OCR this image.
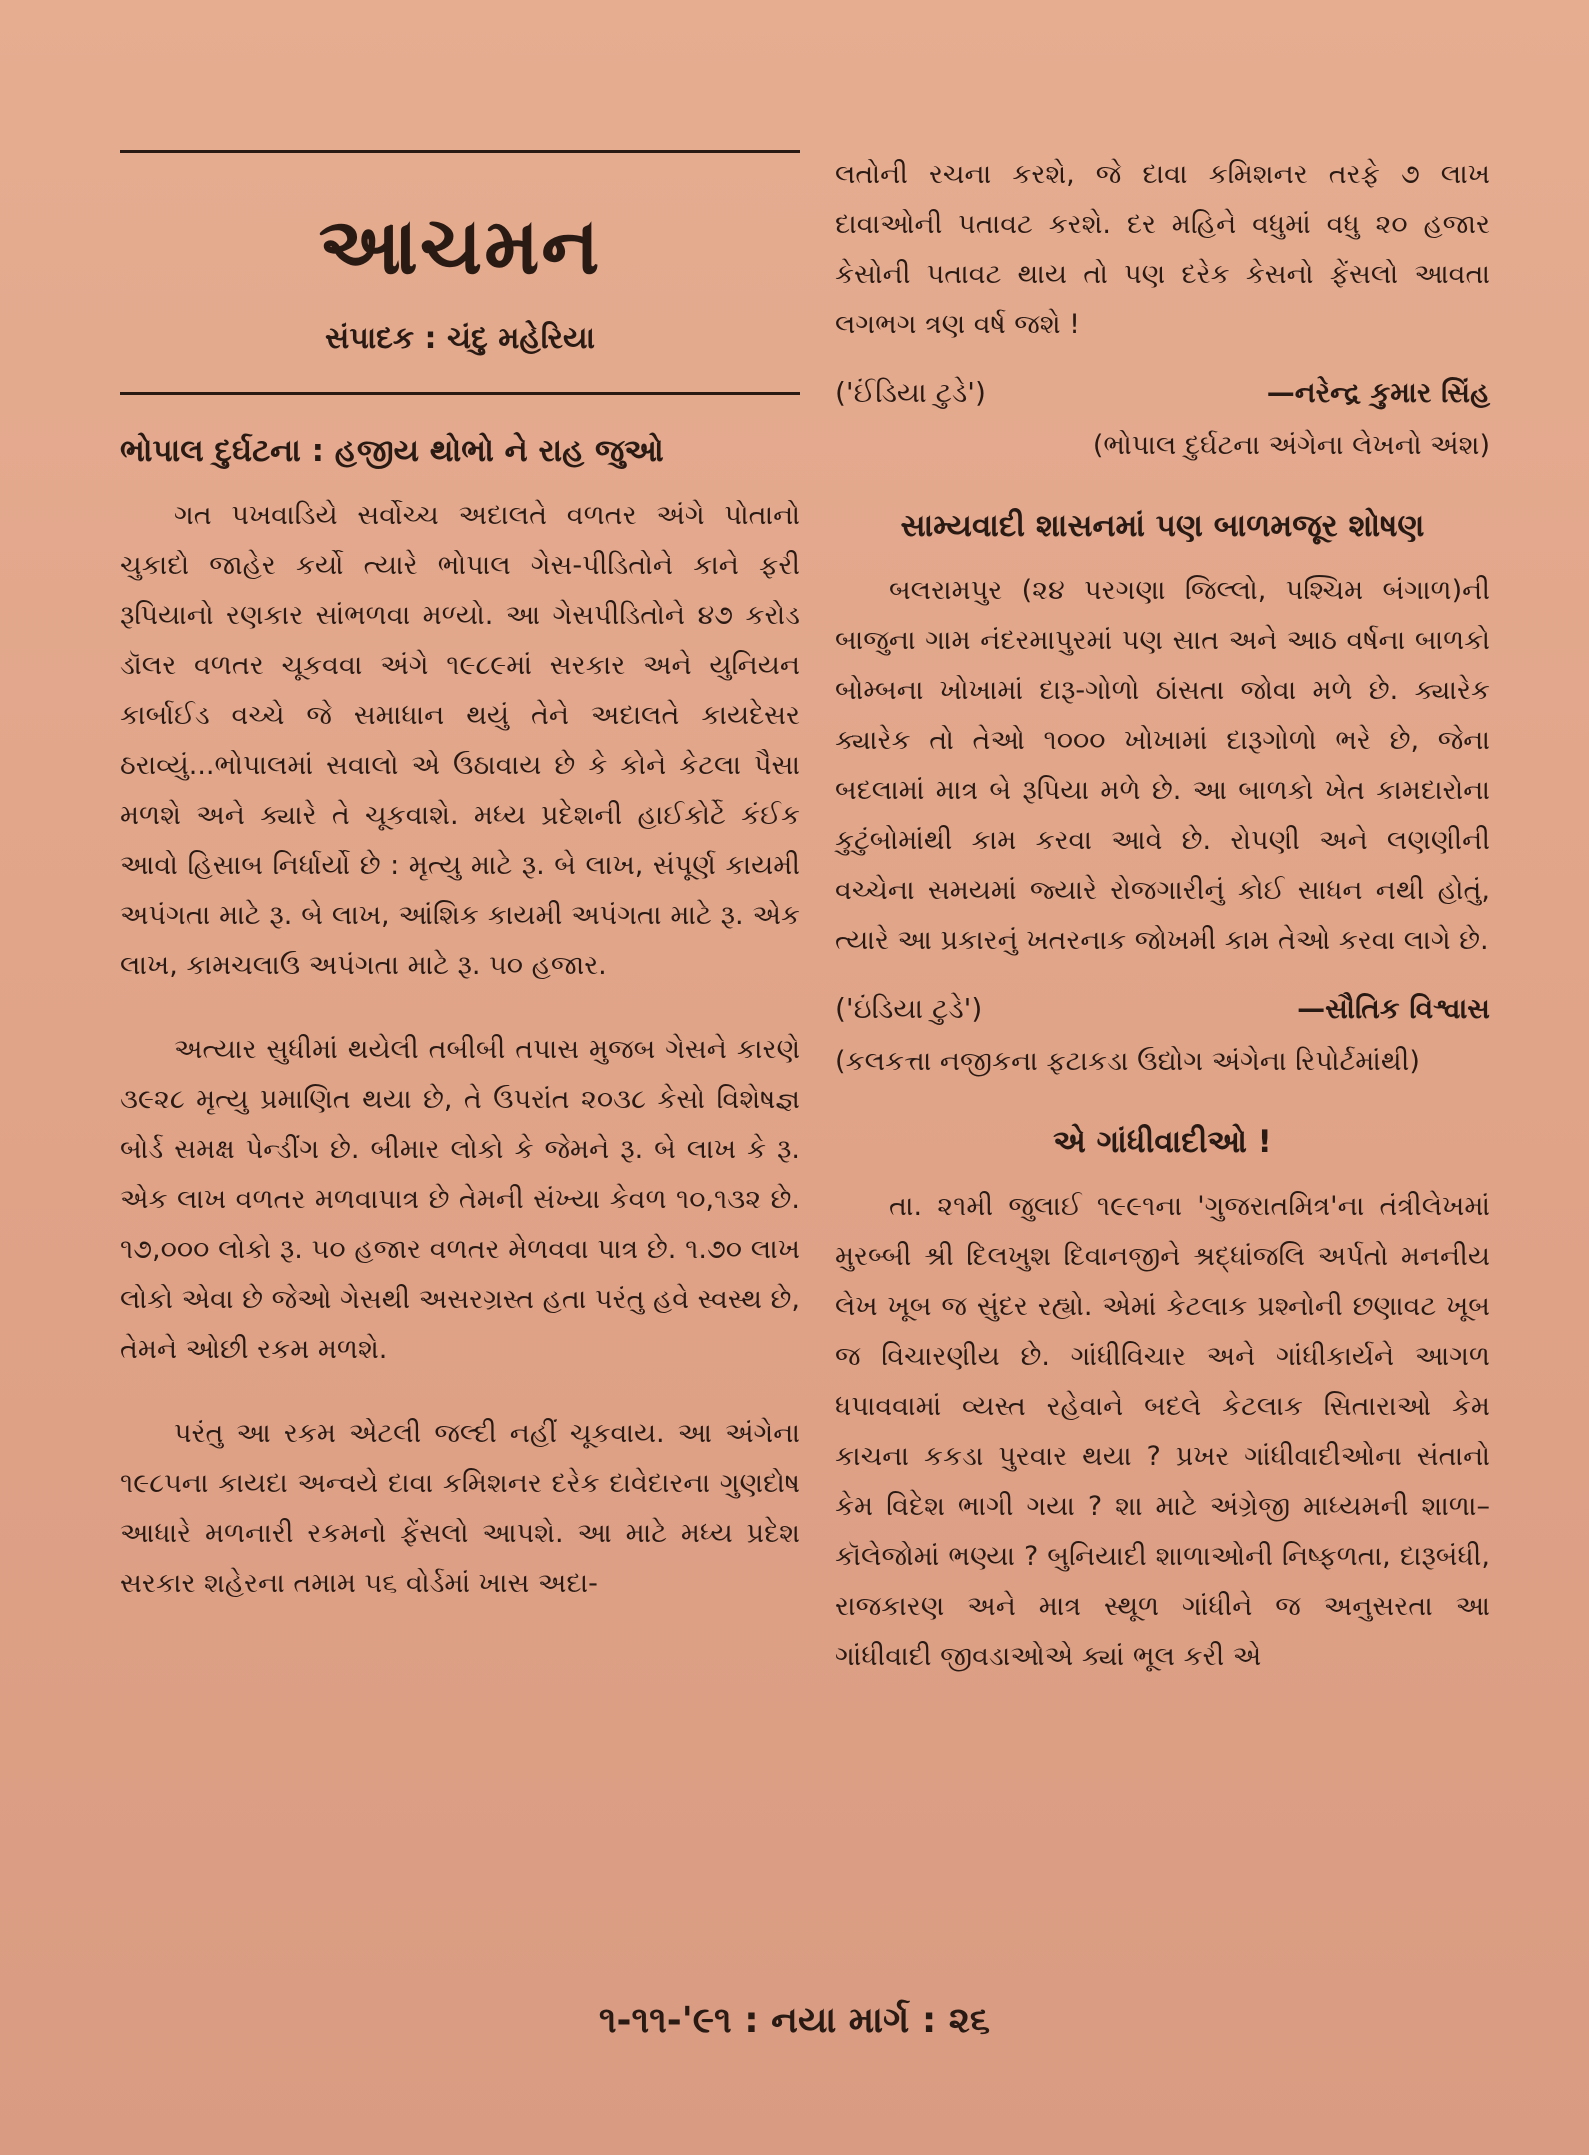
આચમન
સંપાદક : ચંદુ મહેરિયા
ભોપાલ દુર્ઘટના : હજીય થોભો ને રાહ જુઓ

ગત પખવાડિયે સર્વોચ્ચ અદાલતે વળતર અંગે પોતાનો ચુકાદો જાહેર કર્યો ત્યારે ભોપાલ ગેસ-પીડિતોને કાને ફરી રૂપિયાનો રણકાર સાંભળવા મળ્યો. આ ગેસપીડિતોને ૪૭ કરોડ ડૉલર વળતર ચૂકવવા અંગે ૧૯૮૯માં સરકાર અને યુનિયન કાર્બાઈડ વચ્ચે જે સમાધાન થયું તેને અદાલતે કાયદેસર ઠરાવ્યું...ભોપાલમાં સવાલો એ ઉઠાવાય છે કે કોને કેટલા પૈસા મળશે અને ક્યારે તે ચૂકવાશે. મધ્ય પ્રદેશની હાઈકોર્ટે કંઈક આવો હિસાબ નિર્ધાર્યો છે : મૃત્યુ માટે રૂ. બે લાખ, સંપૂર્ણ કાયમી અપંગતા માટે રૂ. બે લાખ, આંશિક કાયમી અપંગતા માટે રૂ. એક લાખ, કામચલાઉ અપંગતા માટે રૂ. ૫૦ હજાર.

અત્યાર સુધીમાં થયેલી તબીબી તપાસ મુજબ ગેસને કારણે ૩૯૨૮ મૃત્યુ પ્રમાણિત થયા છે, તે ઉપરાંત ૨૦૩૮ કેસો વિશેષજ્ઞ બોર્ડ સમક્ષ પેન્ડીંગ છે. બીમાર લોકો કે જેમને રૂ. બે લાખ કે રૂ. એક લાખ વળતર મળવાપાત્ર છે તેમની સંખ્યા કેવળ ૧૦,૧૩૨ છે. ૧૭,૦૦૦ લોકો રૂ. ૫૦ હજાર વળતર મેળવવા પાત્ર છે. ૧.૭૦ લાખ લોકો એવા છે જેઓ ગેસથી અસરગ્રસ્ત હતા પરંતુ હવે સ્વસ્થ છે, તેમને ઓછી રકમ મળશે.

પરંતુ આ રકમ એટલી જલ્દી નહીં ચૂકવાય. આ અંગેના ૧૯૮૫ના કાયદા અન્વયે દાવા કમિશનર દરેક દાવેદારના ગુણદોષ આધારે મળનારી રકમનો ફેંસલો આપશે. આ માટે મધ્ય પ્રદેશ સરકાર શહેરના તમામ ૫૬ વોર્ડમાં ખાસ અદા-

લતોની રચના કરશે, જે દાવા કમિશનર તરફે ૭ લાખ દાવાઓની પતાવટ કરશે. દર મહિને વધુમાં વધુ ૨૦ હજાર કેસોની પતાવટ થાય તો પણ દરેક કેસનો ફેંસલો આવતા લગભગ ત્રણ વર્ષ જશે !

('ઈંડિયા ટુડે')	—નરેન્દ્ર કુમાર સિંહ
(ભોપાલ દુર્ઘટના અંગેના લેખનો અંશ)
સામ્યવાદી શાસનમાં પણ બાળમજૂર શોષણ

બલરામપુર (૨૪ પરગણા જિલ્લો, પશ્ચિમ બંગાળ)ની બાજુના ગામ નંદરમાપુરમાં પણ સાત અને આઠ વર્ષના બાળકો બોમ્બના ખોખામાં દારૂ-ગોળો ઠાંસતા જોવા મળે છે. ક્યારેક ક્યારેક તો તેઓ ૧૦૦૦ ખોખામાં દારૂગોળો ભરે છે, જેના બદલામાં માત્ર બે રૂપિયા મળે છે. આ બાળકો ખેત કામદારોના કુટુંબોમાંથી કામ કરવા આવે છે. રોપણી અને લણણીની વચ્ચેના સમયમાં જ્યારે રોજગારીનું કોઈ સાધન નથી હોતું, ત્યારે આ પ્રકારનું ખતરનાક જોખમી કામ તેઓ કરવા લાગે છે.

('ઇંડિયા ટુડે')	—સૌતિક વિશ્વાસ
(કલકત્તા નજીકના ફટાકડા ઉદ્યોગ અંગેના રિપોર્ટમાંથી)
એ ગાંધીવાદીઓ !

તા. ૨૧મી જુલાઈ ૧૯૯૧ના 'ગુજરાતમિત્ર'ના તંત્રીલેખમાં મુરબ્બી શ્રી દિલખુશ દિવાનજીને શ્રદ્ધાંજલિ અર્પતો મનનીય લેખ ખૂબ જ સુંદર રહ્યો. એમાં કેટલાક પ્રશ્નોની છણાવટ ખૂબ જ વિચારણીય છે. ગાંધીવિચાર અને ગાંધીકાર્યને આગળ ધપાવવામાં વ્યસ્ત રહેવાને બદલે કેટલાક સિતારાઓ કેમ કાચના કકડા પુરવાર થયા ? પ્રખર ગાંધીવાદીઓના સંતાનો કેમ વિદેશ ભાગી ગયા ? શા માટે અંગ્રેજી માધ્યમની શાળા–કૉલેજોમાં ભણ્યા ? બુનિયાદી શાળાઓની નિષ્ફળતા, દારૂબંધી, રાજકારણ અને માત્ર સ્થૂળ ગાંધીને જ અનુસરતા આ ગાંધીવાદી જીવડાઓએ ક્યાં ભૂલ કરી એ

૧-૧૧-'૯૧ : નયા માર્ગ : ૨૬
